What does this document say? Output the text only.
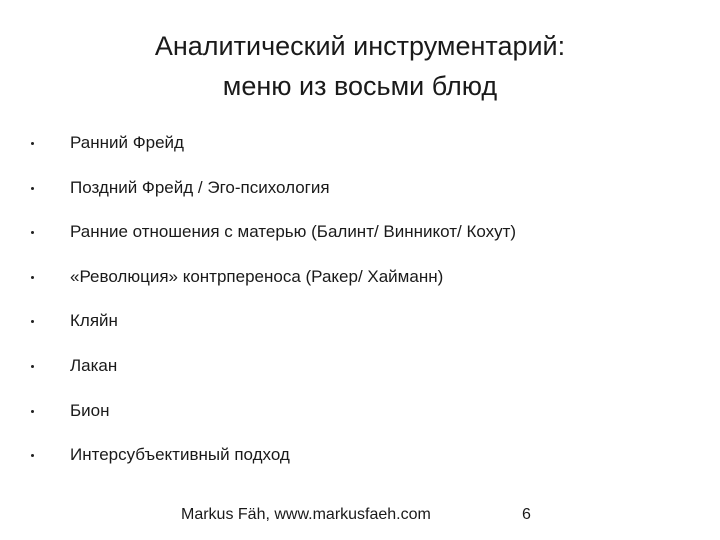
Аналитический инструментарий:
меню из восьми блюд
Ранний Фрейд
Поздний Фрейд / Эго-психология
Ранние отношения с матерью (Балинт/ Винникот/ Кохут)
«Революция» контрпереноса (Ракер/ Хайманн)
Кляйн
Лакан
Бион
Интерсубъективный подход
Markus Fäh, www.markusfaeh.com	6
